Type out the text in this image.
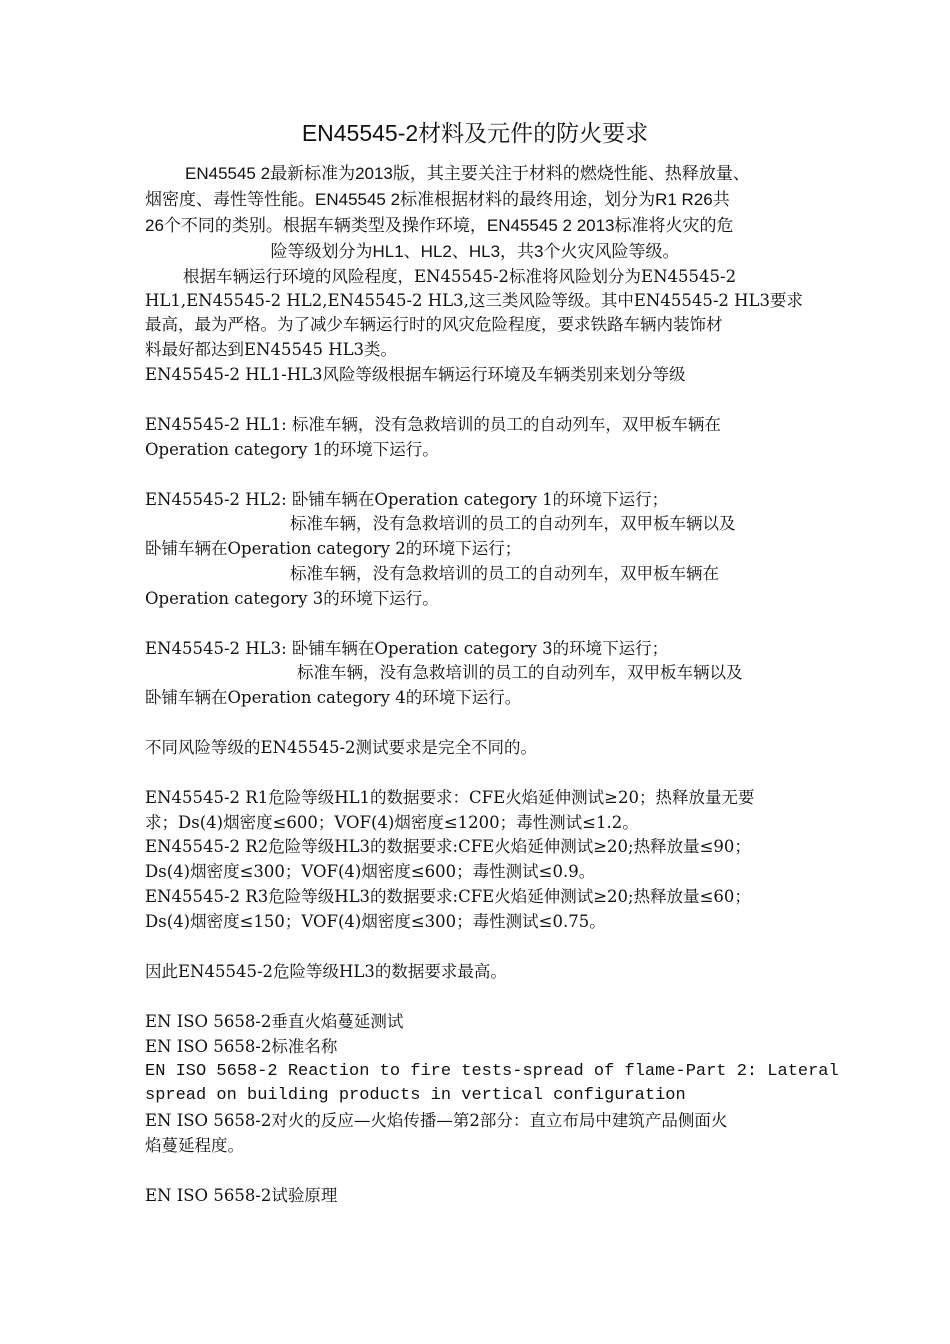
EN45545-2材料及元件的防火要求
EN45545 2最新标准为2013版，其主要关注于材料的燃烧性能、热释放量、
烟密度、毒性等性能。EN45545 2标准根据材料的最终用途，划分为R1 R26共
26个不同的类别。根据车辆类型及操作环境，EN45545 2 2013标准将火灾的危
险等级划分为HL1、HL2、HL3，共3个火灾风险等级。
根据车辆运行环境的风险程度，EN45545-2标准将风险划分为EN45545-2
HL1,EN45545-2 HL2,EN45545-2 HL3,这三类风险等级。其中EN45545-2 HL3要求
最高，最为严格。为了减少车辆运行时的风灾危险程度，要求铁路车辆内装饰材
料最好都达到EN45545 HL3类。
EN45545-2 HL1-HL3风险等级根据车辆运行环境及车辆类别来划分等级
EN45545-2 HL1: 标准车辆，没有急救培训的员工的自动列车，双甲板车辆在
Operation category 1的环境下运行。
EN45545-2 HL2: 卧铺车辆在Operation category 1的环境下运行；
标准车辆，没有急救培训的员工的自动列车，双甲板车辆以及
卧铺车辆在Operation category 2的环境下运行；
标准车辆，没有急救培训的员工的自动列车，双甲板车辆在
Operation category 3的环境下运行。
EN45545-2 HL3: 卧铺车辆在Operation category 3的环境下运行；
标准车辆，没有急救培训的员工的自动列车，双甲板车辆以及
卧铺车辆在Operation category 4的环境下运行。
不同风险等级的EN45545-2测试要求是完全不同的。
EN45545-2 R1危险等级HL1的数据要求：CFE火焰延伸测试≥20；热释放量无要
求；Ds(4)烟密度≤600；VOF(4)烟密度≤1200；毒性测试≤1.2。
EN45545-2 R2危险等级HL3的数据要求:CFE火焰延伸测试≥20;热释放量≤90；
Ds(4)烟密度≤300；VOF(4)烟密度≤600；毒性测试≤0.9。
EN45545-2 R3危险等级HL3的数据要求:CFE火焰延伸测试≥20;热释放量≤60；
Ds(4)烟密度≤150；VOF(4)烟密度≤300；毒性测试≤0.75。
因此EN45545-2危险等级HL3的数据要求最高。
EN ISO 5658-2垂直火焰蔓延测试
EN ISO 5658-2标准名称
EN ISO 5658-2 Reaction to fire tests-spread of flame-Part 2: Lateral
spread on building products in vertical configuration
EN ISO 5658-2对火的反应—火焰传播—第2部分：直立布局中建筑产品侧面火
焰蔓延程度。
EN ISO 5658-2试验原理
